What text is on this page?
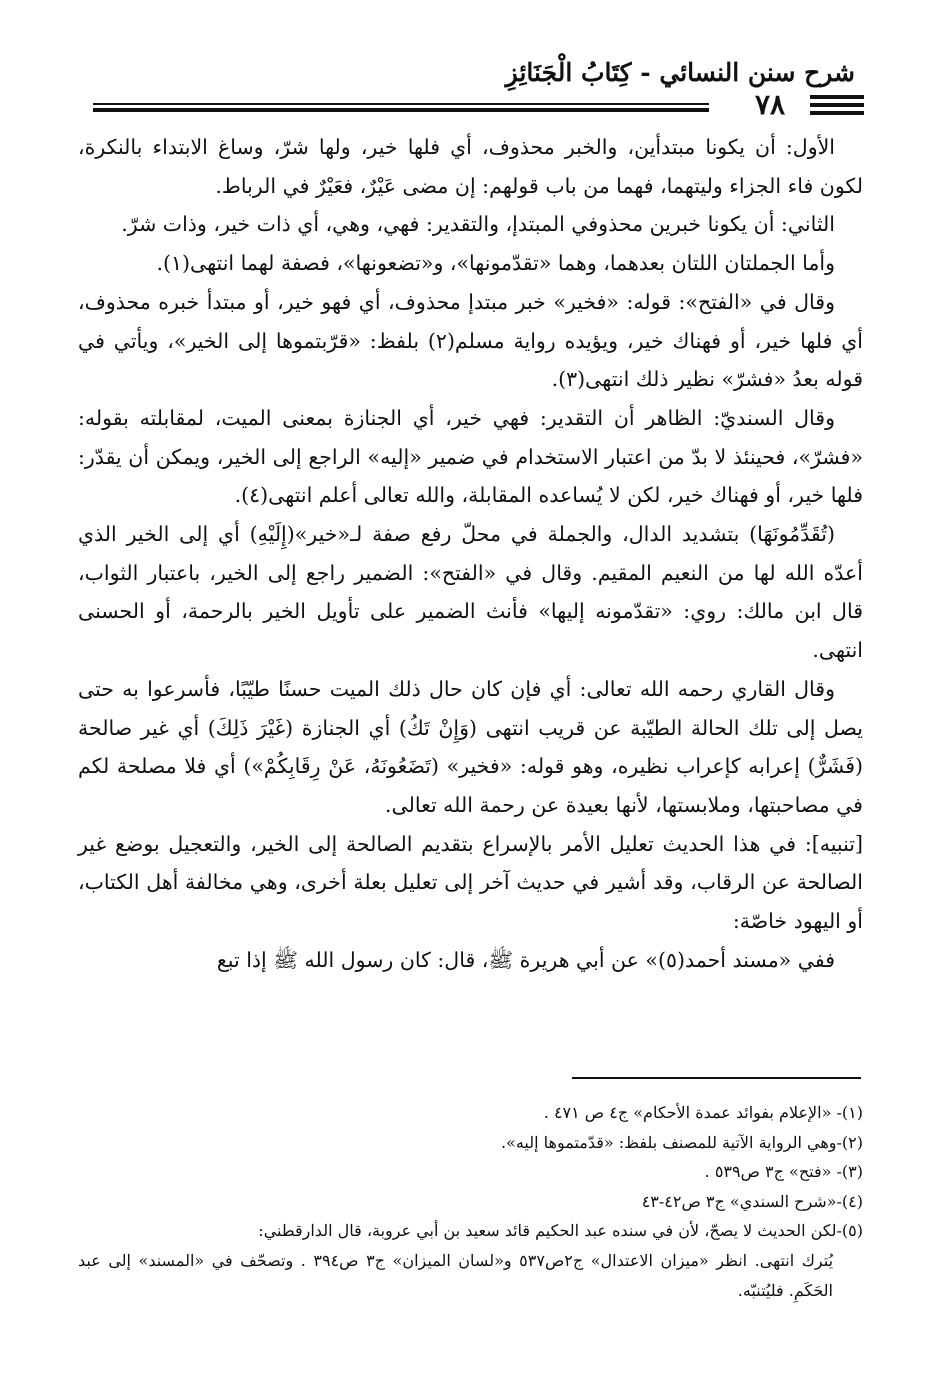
شرح سنن النسائي - كِتَابُ الْجَنَائِزِ
٧٨

الأول: أن يكونا مبتدأين، والخبر محذوف، أي فلها خير، ولها شرّ، وساغ الابتداء بالنكرة، لكون فاء الجزاء وليتهما، فهما من باب قولهم: إن مضى عَيْرٌ، فعَيْرٌ في الرباط.

الثاني: أن يكونا خبرين محذوفي المبتدإ، والتقدير: فهي، وهي، أي ذات خير، وذات شرّ.

وأما الجملتان اللتان بعدهما، وهما «تقدّمونها»، و«تضعونها»، فصفة لهما انتهى(١).

وقال في «الفتح»: قوله: «فخير» خبر مبتدإ محذوف، أي فهو خير، أو مبتدأ خبره محذوف، أي فلها خير، أو فهناك خير، ويؤيده رواية مسلم(٢) بلفظ: «قرّبتموها إلى الخير»، ويأتي في قوله بعدُ «فشرّ» نظير ذلك انتهى(٣).

وقال السنديّ: الظاهر أن التقدير: فهي خير، أي الجنازة بمعنى الميت، لمقابلته بقوله: «فشرّ»، فحينئذ لا بدّ من اعتبار الاستخدام في ضمير «إليه» الراجع إلى الخير، ويمكن أن يقدّر: فلها خير، أو فهناك خير، لكن لا يُساعده المقابلة، والله تعالى أعلم انتهى(٤).

(تُقَدِّمُونَهَا) بتشديد الدال، والجملة في محلّ رفع صفة لـ«خير»(إِلَيْهِ) أي إلى الخير الذي أعدّه الله لها من النعيم المقيم. وقال في «الفتح»: الضمير راجع إلى الخير، باعتبار الثواب، قال ابن مالك: روي: «تقدّمونه إليها» فأنث الضمير على تأويل الخير بالرحمة، أو الحسنى انتهى.

وقال القاري رحمه الله تعالى: أي فإن كان حال ذلك الميت حسنًا طيّبًا، فأسرعوا به حتى يصل إلى تلك الحالة الطيّبة عن قريب انتهى (وَإِنْ تَكُ) أي الجنازة (غَيْرَ ذَلِكَ) أي غير صالحة (فَشَرٌّ) إعرابه كإعراب نظيره، وهو قوله: «فخير» (تَضَعُونَهُ، عَنْ رِقَابِكُمْ») أي فلا مصلحة لكم في مصاحبتها، وملابستها، لأنها بعيدة عن رحمة الله تعالى.

[تنبيه]: في هذا الحديث تعليل الأمر بالإسراع بتقديم الصالحة إلى الخير، والتعجيل بوضع غير الصالحة عن الرقاب، وقد أشير في حديث آخر إلى تعليل بعلة أخرى، وهي مخالفة أهل الكتاب، أو اليهود خاصّة:

ففي «مسند أحمد(٥)» عن أبي هريرة ﷺ، قال: كان رسول الله ﷺ إذا تبع

(١)- «الإعلام بفوائد عمدة الأحكام» ج٤ ص ٤٧١ .

(٢)-وهي الرواية الآتية للمصنف بلفظ: «قدّمتموها إليه».

(٣)- «فتح» ج٣ ص٥٣٩ .

(٤)-«شرح السندي» ج٣ ص٤٢-٤٣

(٥)-لكن الحديث لا يصحّ، لأن في سنده عبد الحكيم قائد سعيد بن أبي عروبة، قال الدارقطني:

يُترك انتهى. انظر «ميزان الاعتدال» ج٢ص٥٣٧ و«لسان الميزان» ج٣ ص٣٩٤ . وتصحّف في «المسند» إلى عبد الحَكَمِ. فليُتنبّه.
